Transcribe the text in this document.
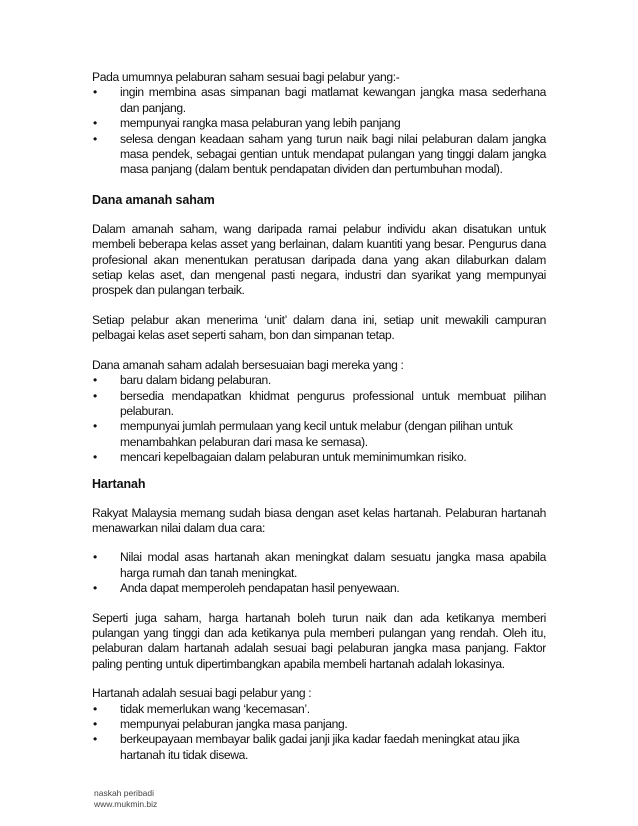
Pada umumnya pelaburan saham sesuai bagi pelabur yang:-

• ingin membina asas simpanan bagi matlamat kewangan jangka masa sederhana dan panjang.
• mempunyai rangka masa pelaburan yang lebih panjang
• selesa dengan keadaan saham yang turun naik bagi nilai pelaburan dalam jangka masa pendek, sebagai gentian untuk mendapat pulangan yang tinggi dalam jangka masa panjang (dalam bentuk pendapatan dividen dan pertumbuhan modal).
Dana amanah saham

Dalam amanah saham, wang daripada ramai pelabur individu akan disatukan untuk membeli beberapa kelas asset yang berlainan, dalam kuantiti yang besar. Pengurus dana profesional akan menentukan peratusan daripada dana yang akan dilaburkan dalam setiap kelas aset, dan mengenal pasti negara, industri dan syarikat yang mempunyai prospek dan pulangan terbaik.

Setiap pelabur akan menerima ‘unit’ dalam dana ini, setiap unit mewakili campuran pelbagai kelas aset seperti saham, bon dan simpanan tetap.

Dana amanah saham adalah bersesuaian bagi mereka yang :

• baru dalam bidang pelaburan.
• bersedia mendapatkan khidmat pengurus professional untuk membuat pilihan pelaburan.
• mempunyai jumlah permulaan yang kecil untuk melabur (dengan pilihan untuk menambahkan pelaburan dari masa ke semasa).
• mencari kepelbagaian dalam pelaburan untuk meminimumkan risiko.
Hartanah

Rakyat Malaysia memang sudah biasa dengan aset kelas hartanah. Pelaburan hartanah menawarkan nilai dalam dua cara:

• Nilai modal asas hartanah akan meningkat dalam sesuatu jangka masa apabila harga rumah dan tanah meningkat.
• Anda dapat memperoleh pendapatan hasil penyewaan.

Seperti juga saham, harga hartanah boleh turun naik dan ada ketikanya memberi pulangan yang tinggi dan ada ketikanya pula memberi pulangan yang rendah. Oleh itu, pelaburan dalam hartanah adalah sesuai bagi pelaburan jangka masa panjang. Faktor paling penting untuk dipertimbangkan apabila membeli hartanah adalah lokasinya.

Hartanah adalah sesuai bagi pelabur yang :

• tidak memerlukan wang ‘kecemasan’.
• mempunyai pelaburan jangka masa panjang.
• berkeupayaan membayar balik gadai janji jika kadar faedah meningkat atau jika hartanah itu tidak disewa.
naskah peribadi
www.mukmin.biz
